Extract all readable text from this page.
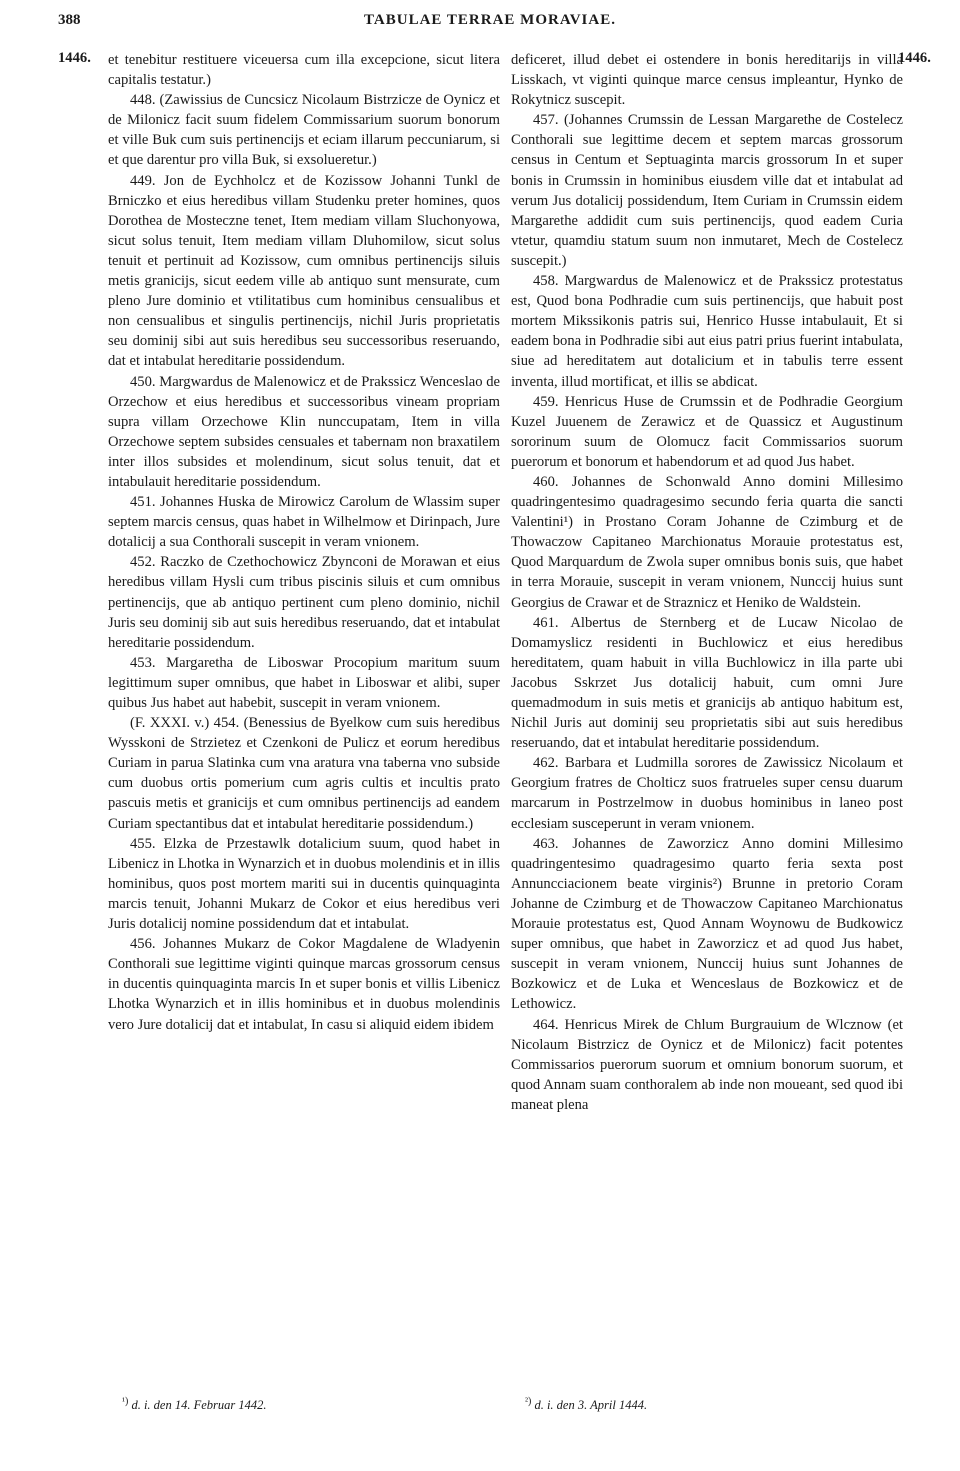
388	TABULAE TERRAE MORAVIAE.
1446.	1446.

et tenebitur restituere viceuersa cum illa excepcione, sicut litera capitalis testatur.)

448. (Zawissius de Cuncsicz Nicolaum Bistrzicze de Oynicz et de Milonicz facit suum fidelem Commissarium suorum bonorum et ville Buk cum suis pertinencijs et eciam illarum peccuniarum, si et que darentur pro villa Buk, si exsolueretur.)

449. Jon de Eychholcz et de Kozissow Johanni Tunkl de Brniczko et eius heredibus villam Studenku preter homines, quos Dorothea de Mosteczne tenet, Item mediam villam Sluchonyowa, sicut solus tenuit, Item mediam villam Dluhomilow, sicut solus tenuit et pertinuit ad Kozissow, cum omnibus pertinencijs siluis metis granicijs, sicut eedem ville ab antiquo sunt mensurate, cum pleno Jure dominio et vtilitatibus cum hominibus censualibus et non censualibus et singulis pertinencijs, nichil Juris proprietatis seu dominij sibi aut suis heredibus seu successoribus reseruando, dat et intabulat hereditarie possidendum.

450. Margwardus de Malenowicz et de Prakssicz Wenceslao de Orzechow et eius heredibus et successoribus vineam propriam supra villam Orzechowe Klin nunccupatam, Item in villa Orzechowe septem subsides censuales et tabernam non braxatilem inter illos subsides et molendinum, sicut solus tenuit, dat et intabulauit hereditarie possidendum.

451. Johannes Huska de Mirowicz Carolum de Wlassim super septem marcis census, quas habet in Wilhelmow et Dirinpach, Jure dotalicij a sua Conthorali suscepit in veram vnionem.

452. Raczko de Czethochowicz Zbynconi de Morawan et eius heredibus villam Hysli cum tribus piscinis siluis et cum omnibus pertinencijs, que ab antiquo pertinent cum pleno dominio, nichil Juris seu dominij sib aut suis heredibus reseruando, dat et intabulat hereditarie possidendum.

453. Margaretha de Liboswar Procopium maritum suum legittimum super omnibus, que habet in Liboswar et alibi, super quibus Jus habet aut habebit, suscepit in veram vnionem.

(F. XXXI. v.) 454. (Benessius de Byelkow cum suis heredibus Wysskoni de Strzietez et Czenkoni de Pulicz et eorum heredibus Curiam in parua Slatinka cum vna aratura vna taberna vno subside cum duobus ortis pomerium cum agris cultis et incultis prato pascuis metis et granicijs et cum omnibus pertinencijs ad eandem Curiam spectantibus dat et intabulat hereditarie possidendum.)

455. Elzka de Przestawlk dotalicium suum, quod habet in Libenicz in Lhotka in Wynarzich et in duobus molendinis et in illis hominibus, quos post mortem mariti sui in ducentis quinquaginta marcis tenuit, Johanni Mukarz de Cokor et eius heredibus veri Juris dotalicij nomine possidendum dat et intabulat.

456. Johannes Mukarz de Cokor Magdalene de Wladyenin Conthorali sue legittime viginti quinque marcas grossorum census in ducentis quinquaginta marcis In et super bonis et villis Libenicz Lhotka Wynarzich et in illis hominibus et in duobus molendinis vero Jure dotalicij dat et intabulat, In casu si aliquid eidem ibidem

deficeret, illud debet ei ostendere in bonis hereditarijs in villa Lisskach, vt viginti quinque marce census impleantur, Hynko de Rokytnicz suscepit.

457. (Johannes Crumssin de Lessan Margarethe de Costelecz Conthorali sue legittime decem et septem marcas grossorum census in Centum et Septuaginta marcis grossorum In et super bonis in Crumssin in hominibus eiusdem ville dat et intabulat ad verum Jus dotalicij possidendum, Item Curiam in Crumssin eidem Margarethe addidit cum suis pertinencijs, quod eadem Curia vtetur, quamdiu statum suum non inmutaret, Mech de Costelecz suscepit.)

458. Margwardus de Malenowicz et de Prakssicz protestatus est, Quod bona Podhradie cum suis pertinencijs, que habuit post mortem Mikssikonis patris sui, Henrico Husse intabulauit, Et si eadem bona in Podhradie sibi aut eius patri prius fuerint intabulata, siue ad hereditatem aut dotalicium et in tabulis terre essent inventa, illud mortificat, et illis se abdicat.

459. Henricus Huse de Crumssin et de Podhradie Georgium Kuzel Juuenem de Zerawicz et de Quassicz et Augustinum sororinum suum de Olomucz facit Commissarios suorum puerorum et bonorum et habendorum et ad quod Jus habet.

460. Johannes de Schonwald Anno domini Millesimo quadringentesimo quadragesimo secundo feria quarta die sancti Valentini¹) in Prostano Coram Johanne de Czimburg et de Thowaczow Capitaneo Marchionatus Morauie protestatus est, Quod Marquardum de Zwola super omnibus bonis suis, que habet in terra Morauie, suscepit in veram vnionem, Nunccij huius sunt Georgius de Crawar et de Straznicz et Heniko de Waldstein.

461. Albertus de Sternberg et de Lucaw Nicolao de Domamyslicz residenti in Buchlowicz et eius heredibus hereditatem, quam habuit in villa Buchlowicz in illa parte ubi Jacobus Sskrzet Jus dotalicij habuit, cum omni Jure quemadmodum in suis metis et granicijs ab antiquo habitum est, Nichil Juris aut dominij seu proprietatis sibi aut suis heredibus reseruando, dat et intabulat hereditarie possidendum.

462. Barbara et Ludmilla sorores de Zawissicz Nicolaum et Georgium fratres de Cholticz suos fratrueles super censu duarum marcarum in Postrzelmow in duobus hominibus in laneo post ecclesiam susceperunt in veram vnionem.

463. Johannes de Zaworzicz Anno domini Millesimo quadringentesimo quadragesimo quarto feria sexta post Annuncciacionem beate virginis²) Brunne in pretorio Coram Johanne de Czimburg et de Thowaczow Capitaneo Marchionatus Morauie protestatus est, Quod Annam Woynowu de Budkowicz super omnibus, que habet in Zaworzicz et ad quod Jus habet, suscepit in veram vnionem, Nunccij huius sunt Johannes de Bozkowicz et de Luka et Wenceslaus de Bozkowicz et de Lethowicz.

464. Henricus Mirek de Chlum Burgrauium de Wlcznow (et Nicolaum Bistrzicz de Oynicz et de Milonicz) facit potentes Commissarios puerorum suorum et omnium bonorum suorum, et quod Annam suam conthoralem ab inde non moueant, sed quod ibi maneat plena

$^{^1)}$ d. i. den 14. Februar 1442.	$^{^2)}$ d. i. den 3. April 1444.
